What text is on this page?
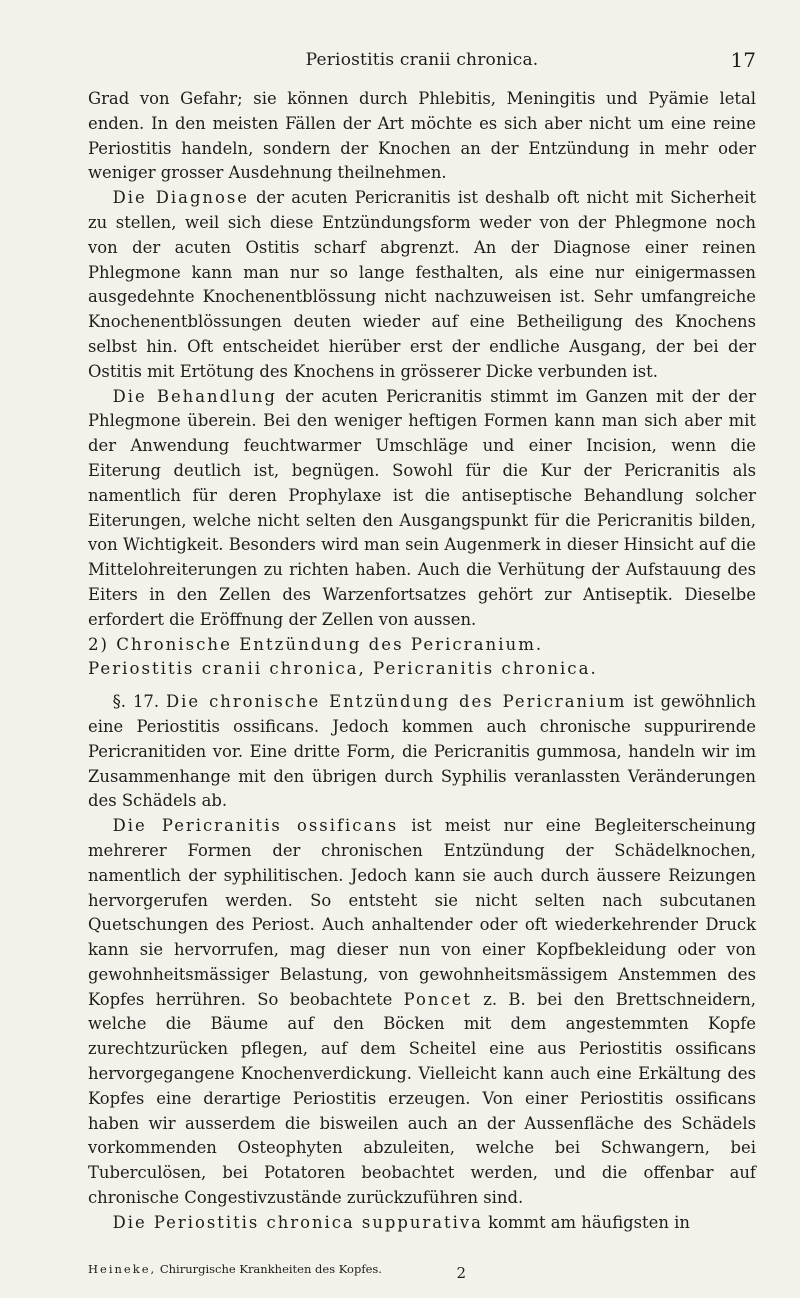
Periostitis cranii chronica.	17

Grad von Gefahr; sie können durch Phlebitis, Meningitis und Pyämie letal enden. In den meisten Fällen der Art möchte es sich aber nicht um eine reine Periostitis handeln, sondern der Knochen an der Entzündung in mehr oder weniger grosser Ausdehnung theilnehmen.

Die Diagnose der acuten Pericranitis ist deshalb oft nicht mit Sicherheit zu stellen, weil sich diese Entzündungsform weder von der Phlegmone noch von der acuten Ostitis scharf abgrenzt. An der Diagnose einer reinen Phlegmone kann man nur so lange festhalten, als eine nur einigermassen ausgedehnte Knochenentblössung nicht nachzuweisen ist. Sehr umfangreiche Knochenentblössungen deuten wieder auf eine Betheiligung des Knochens selbst hin. Oft entscheidet hierüber erst der endliche Ausgang, der bei der Ostitis mit Ertötung des Knochens in grösserer Dicke verbunden ist.

Die Behandlung der acuten Pericranitis stimmt im Ganzen mit der der Phlegmone überein. Bei den weniger heftigen Formen kann man sich aber mit der Anwendung feuchtwarmer Umschläge und einer Incision, wenn die Eiterung deutlich ist, begnügen. Sowohl für die Kur der Pericranitis als namentlich für deren Prophylaxe ist die antiseptische Behandlung solcher Eiterungen, welche nicht selten den Ausgangspunkt für die Pericranitis bilden, von Wichtigkeit. Besonders wird man sein Augenmerk in dieser Hinsicht auf die Mittelohreiterungen zu richten haben. Auch die Verhütung der Aufstauung des Eiters in den Zellen des Warzenfortsatzes gehört zur Antiseptik. Dieselbe erfordert die Eröffnung der Zellen von aussen.

2) Chronische Entzündung des Pericranium.

Periostitis cranii chronica, Pericranitis chronica.

§. 17. Die chronische Entzündung des Pericranium ist gewöhnlich eine Periostitis ossificans. Jedoch kommen auch chronische suppurirende Pericranitiden vor. Eine dritte Form, die Pericranitis gummosa, handeln wir im Zusammenhange mit den übrigen durch Syphilis veranlassten Veränderungen des Schädels ab.

Die Pericranitis ossificans ist meist nur eine Begleiterscheinung mehrerer Formen der chronischen Entzündung der Schädelknochen, namentlich der syphilitischen. Jedoch kann sie auch durch äussere Reizungen hervorgerufen werden. So entsteht sie nicht selten nach subcutanen Quetschungen des Periost. Auch anhaltender oder oft wiederkehrender Druck kann sie hervorrufen, mag dieser nun von einer Kopfbekleidung oder von gewohnheitsmässiger Belastung, von gewohnheitsmässigem Anstemmen des Kopfes herrühren. So beobachtete Poncet z. B. bei den Brettschneidern, welche die Bäume auf den Böcken mit dem angestemmten Kopfe zurechtzurücken pflegen, auf dem Scheitel eine aus Periostitis ossificans hervorgegangene Knochenverdickung. Vielleicht kann auch eine Erkältung des Kopfes eine derartige Periostitis erzeugen. Von einer Periostitis ossificans haben wir ausserdem die bisweilen auch an der Aussenfläche des Schädels vorkommenden Osteophyten abzuleiten, welche bei Schwangern, bei Tuberculösen, bei Potatoren beobachtet werden, und die offenbar auf chronische Congestivzustände zurückzuführen sind.

Die Periostitis chronica suppurativa kommt am häufigsten in

Heineke, Chirurgische Krankheiten des Kopfes.	2
